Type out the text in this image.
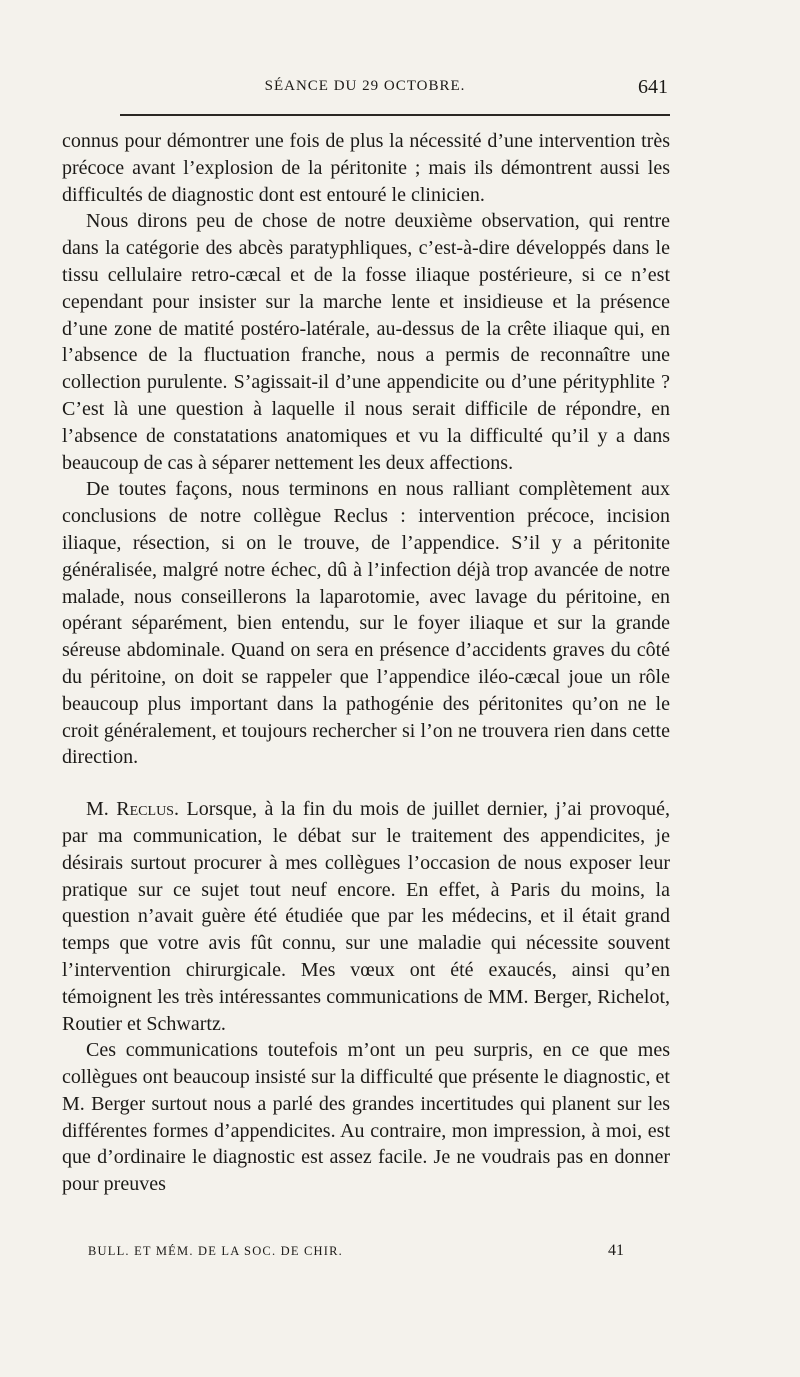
SÉANCE DU 29 OCTOBRE.	641

connus pour démontrer une fois de plus la nécessité d’une intervention très précoce avant l’explosion de la péritonite ; mais ils démontrent aussi les difficultés de diagnostic dont est entouré le clinicien.

Nous dirons peu de chose de notre deuxième observation, qui rentre dans la catégorie des abcès paratyphliques, c’est-à-dire développés dans le tissu cellulaire retro-cæcal et de la fosse iliaque postérieure, si ce n’est cependant pour insister sur la marche lente et insidieuse et la présence d’une zone de matité postéro-latérale, au-dessus de la crête iliaque qui, en l’absence de la fluctuation franche, nous a permis de reconnaître une collection purulente. S’agissait-il d’une appendicite ou d’une pérityphlite ? C’est là une question à laquelle il nous serait difficile de répondre, en l’absence de constatations anatomiques et vu la difficulté qu’il y a dans beaucoup de cas à séparer nettement les deux affections.

De toutes façons, nous terminons en nous ralliant complètement aux conclusions de notre collègue Reclus : intervention précoce, incision iliaque, résection, si on le trouve, de l’appendice. S’il y a péritonite généralisée, malgré notre échec, dû à l’infection déjà trop avancée de notre malade, nous conseillerons la laparotomie, avec lavage du péritoine, en opérant séparément, bien entendu, sur le foyer iliaque et sur la grande séreuse abdominale. Quand on sera en présence d’accidents graves du côté du péritoine, on doit se rappeler que l’appendice iléo-cæcal joue un rôle beaucoup plus important dans la pathogénie des péritonites qu’on ne le croit généralement, et toujours rechercher si l’on ne trouvera rien dans cette direction.

M. Reclus. Lorsque, à la fin du mois de juillet dernier, j’ai provoqué, par ma communication, le débat sur le traitement des appendicites, je désirais surtout procurer à mes collègues l’occasion de nous exposer leur pratique sur ce sujet tout neuf encore. En effet, à Paris du moins, la question n’avait guère été étudiée que par les médecins, et il était grand temps que votre avis fût connu, sur une maladie qui nécessite souvent l’intervention chirurgicale. Mes vœux ont été exaucés, ainsi qu’en témoignent les très intéressantes communications de MM. Berger, Richelot, Routier et Schwartz.

Ces communications toutefois m’ont un peu surpris, en ce que mes collègues ont beaucoup insisté sur la difficulté que présente le diagnostic, et M. Berger surtout nous a parlé des grandes incertitudes qui planent sur les différentes formes d’appendicites. Au contraire, mon impression, à moi, est que d’ordinaire le diagnostic est assez facile. Je ne voudrais pas en donner pour preuves

BULL. ET MÉM. DE LA SOC. DE CHIR.	41
